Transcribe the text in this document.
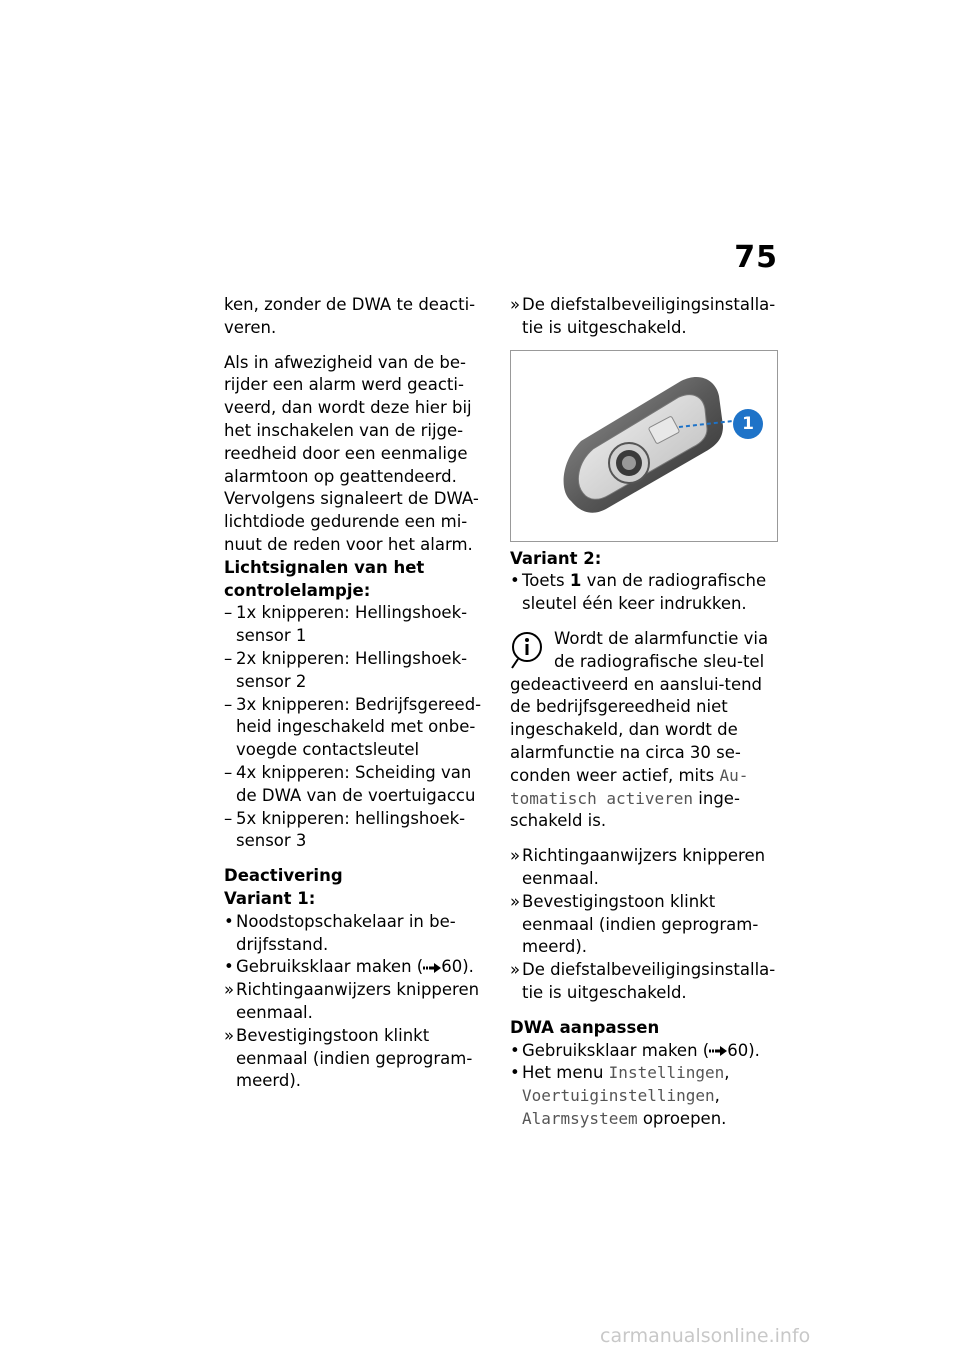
75

ken, zonder de DWA te deacti-veren.

Als in afwezigheid van de be-rijder een alarm werd geacti-veerd, dan wordt deze hier bij het inschakelen van de rijge-reedheid door een eenmalige alarmtoon op geattendeerd. Vervolgens signaleert de DWA-lichtdiode gedurende een mi-nuut de reden voor het alarm.

Lichtsignalen van het controlelampje:

– 1x knipperen: Hellingshoek-sensor 1
– 2x knipperen: Hellingshoek-sensor 2
– 3x knipperen: Bedrijfsgereed-heid ingeschakeld met onbe-voegde contactsleutel
– 4x knipperen: Scheiding van de DWA van de voertuigaccu
– 5x knipperen: hellingshoek-sensor 3

Deactivering

Variant 1:

• Noodstopschakelaar in be-drijfsstand.
• Gebruiksklaar maken ( 60).
» Richtingaanwijzers knipperen eenmaal.
» Bevestigingstoon klinkt eenmaal (indien geprogram-meerd).
» De diefstalbeveiligingsinstalla-tie is uitgeschakeld.
1

Variant 2:

• Toets 1 van de radiografische sleutel één keer indrukken.
Wordt de alarmfunctie via de radiografische sleu-tel gedeactiveerd en aanslui-tend de bedrijfsgereedheid niet ingeschakeld, dan wordt de alarmfunctie na circa 30 se-conden weer actief, mits Au-tomatisch activeren inge-schakeld is.
» Richtingaanwijzers knipperen eenmaal.
» Bevestigingstoon klinkt eenmaal (indien geprogram-meerd).
» De diefstalbeveiligingsinstalla-tie is uitgeschakeld.

DWA aanpassen

• Gebruiksklaar maken ( 60).
• Het menu Instellingen, Voertuiginstellingen, Alarmsysteem oproepen.
carmanualsonline.info
